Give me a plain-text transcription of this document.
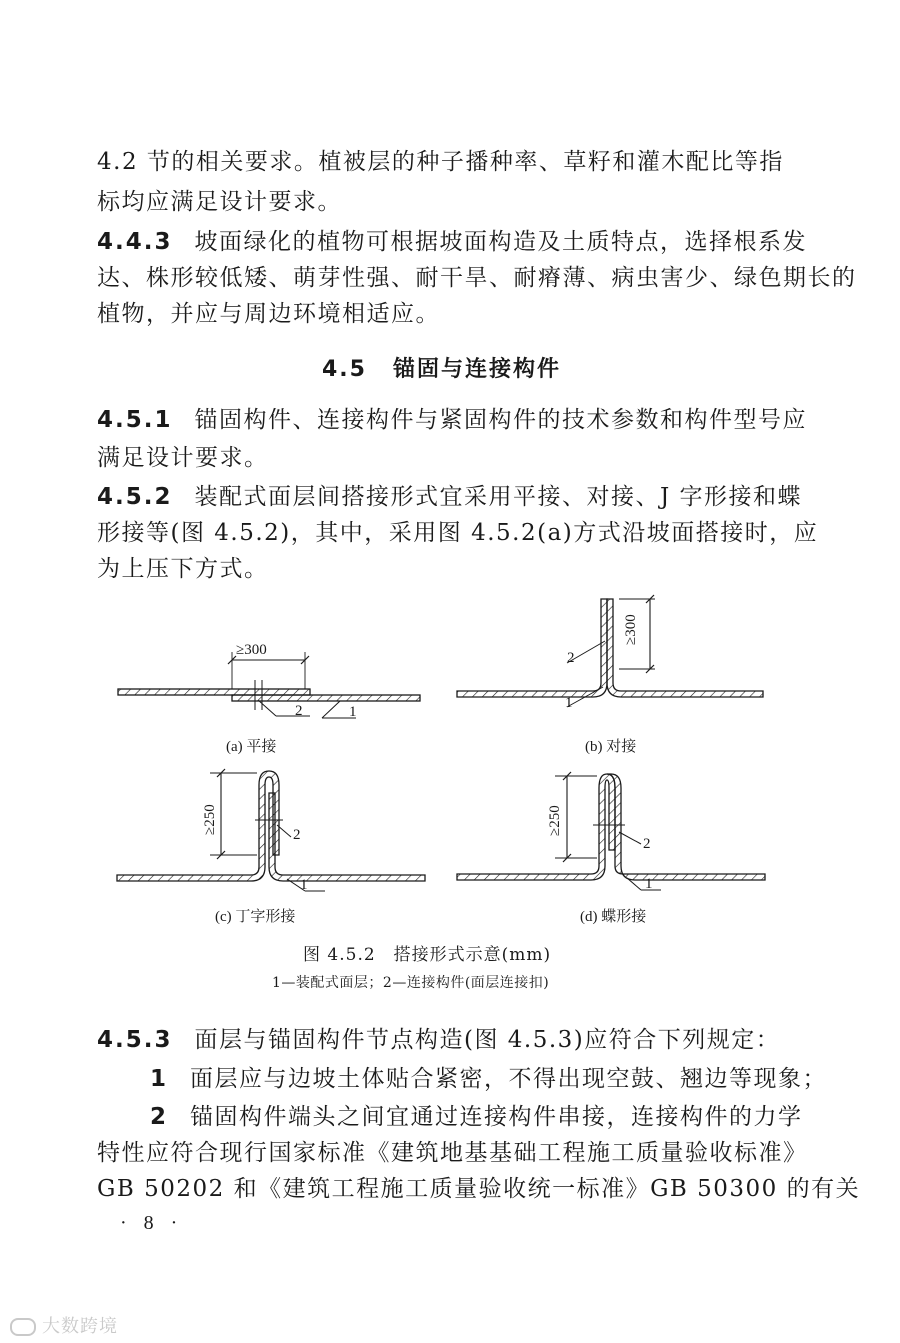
4.2 节的相关要求。植被层的种子播种率、草籽和灌木配比等指
标均应满足设计要求。
4.4.3 坡面绿化的植物可根据坡面构造及土质特点，选择根系发
达、株形较低矮、萌芽性强、耐干旱、耐瘠薄、病虫害少、绿色期长的
植物，并应与周边环境相适应。
4.5 锚固与连接构件
4.5.1 锚固构件、连接构件与紧固构件的技术参数和构件型号应
满足设计要求。
4.5.2 装配式面层间搭接形式宜采用平接、对接、J 字形接和蝶
形接等(图 4.5.2)，其中，采用图 4.5.2(a)方式沿坡面搭接时，应
为上压下方式。
≥300
2	1
(a) 平接
≥300
2
1
(b) 对接
≥250	2
1
(c) 丁字形接
≥250
2
1
(d) 蝶形接
图 4.5.2　搭接形式示意(mm)
1—装配式面层；2—连接构件(面层连接扣)
4.5.3 面层与锚固构件节点构造(图 4.5.3)应符合下列规定：
1 面层应与边坡土体贴合紧密，不得出现空鼓、翘边等现象；
2 锚固构件端头之间宜通过连接构件串接，连接构件的力学
特性应符合现行国家标准《建筑地基基础工程施工质量验收标准》
GB 50202 和《建筑工程施工质量验收统一标准》GB 50300 的有关
· 8 ·
大数跨境
